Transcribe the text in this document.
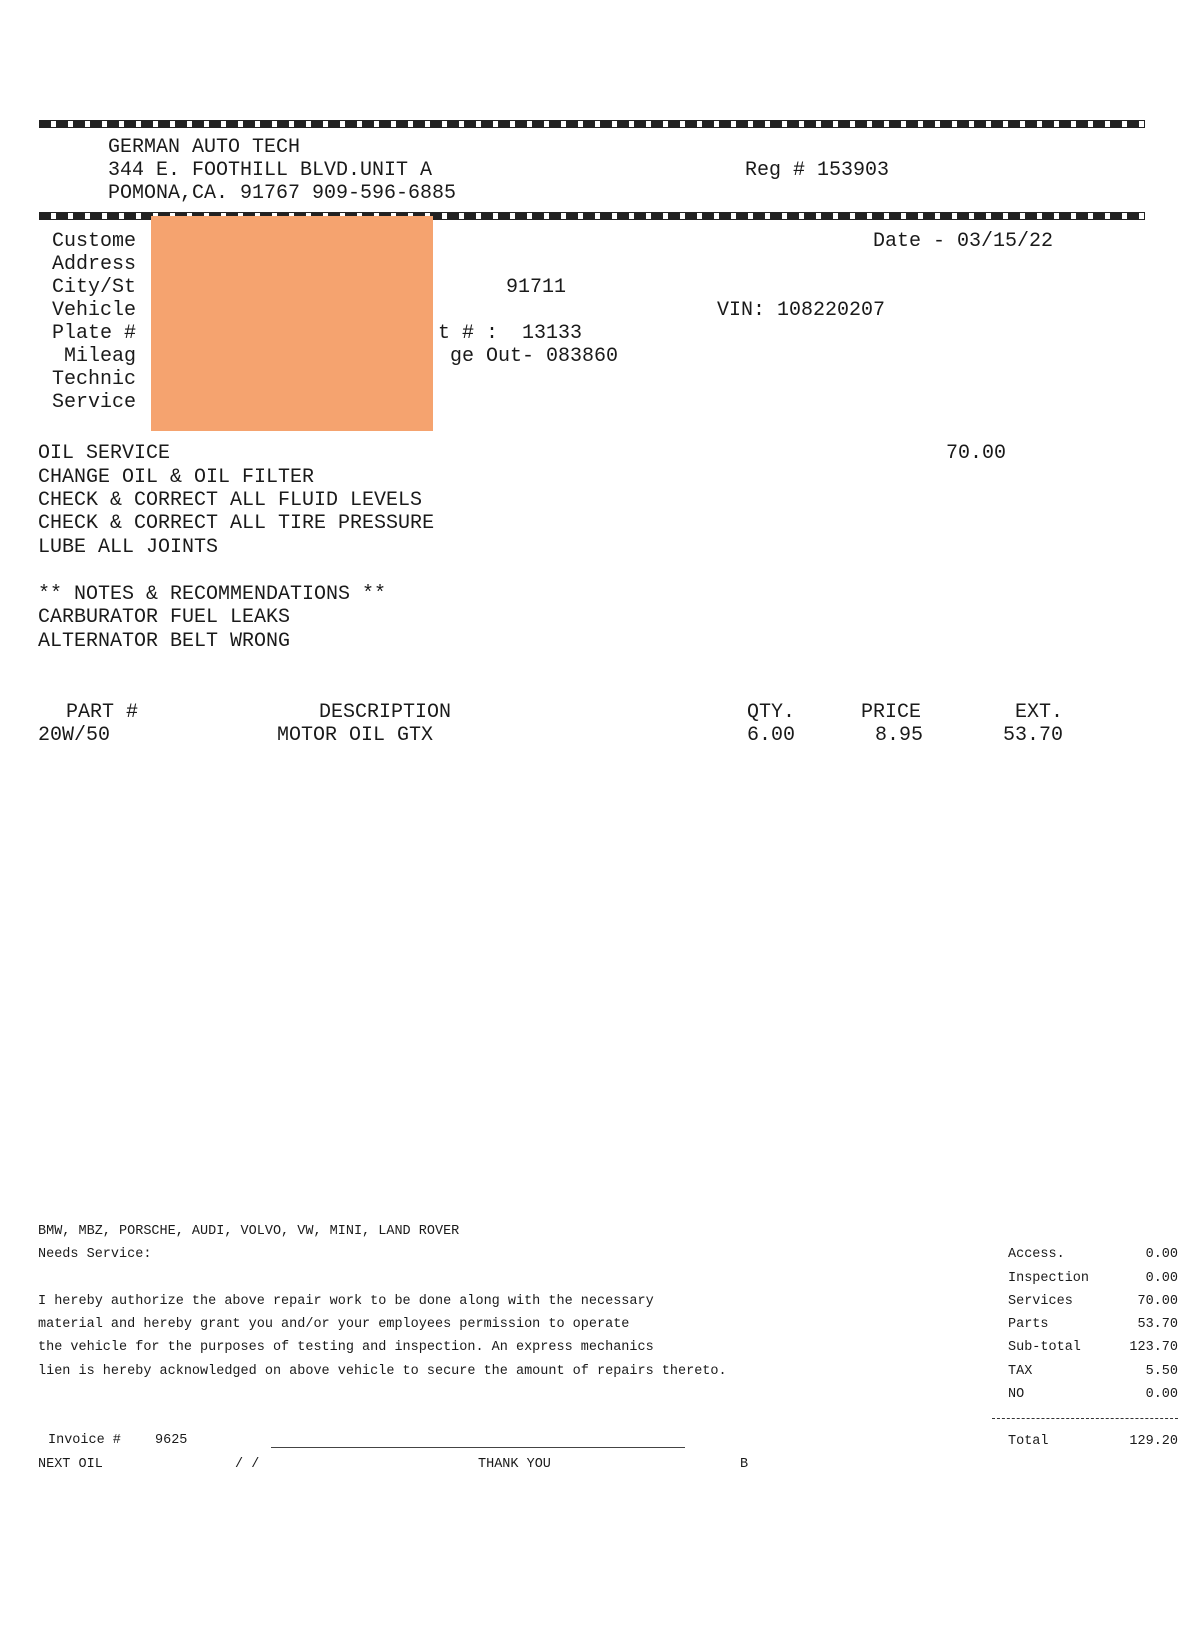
GERMAN AUTO TECH
344 E. FOOTHILL BLVD.UNIT A
POMONA,CA. 91767 909-596-6885
Reg # 153903
Custome
Address
City/St
Vehicle
Plate #
Mileag
Technic
Service
91711
t # :  13133
ge Out- 083860
Date - 03/15/22
VIN: 108220207
OIL SERVICE	70.00
CHANGE OIL & OIL FILTER
CHECK & CORRECT ALL FLUID LEVELS
CHECK & CORRECT ALL TIRE PRESSURE
LUBE ALL JOINTS
** NOTES & RECOMMENDATIONS **
CARBURATOR FUEL LEAKS
ALTERNATOR BELT WRONG
PART #	DESCRIPTION	QTY.	PRICE	EXT.
20W/50	MOTOR OIL GTX	6.00	8.95	53.70
BMW, MBZ, PORSCHE, AUDI, VOLVO, VW, MINI, LAND ROVER
Needs Service:
I hereby authorize the above repair work to be done along with the necessary
material and hereby grant you and/or your employees permission to operate
the vehicle for the purposes of testing and inspection. An express mechanics
lien is hereby acknowledged on above vehicle to secure the amount of repairs thereto.
Invoice #	9625
NEXT OIL	/ /	THANK YOU	B
Access.	0.00
Inspection	0.00
Services	70.00
Parts	53.70
Sub-total	123.70
TAX	5.50
NO	0.00
Total	129.20
